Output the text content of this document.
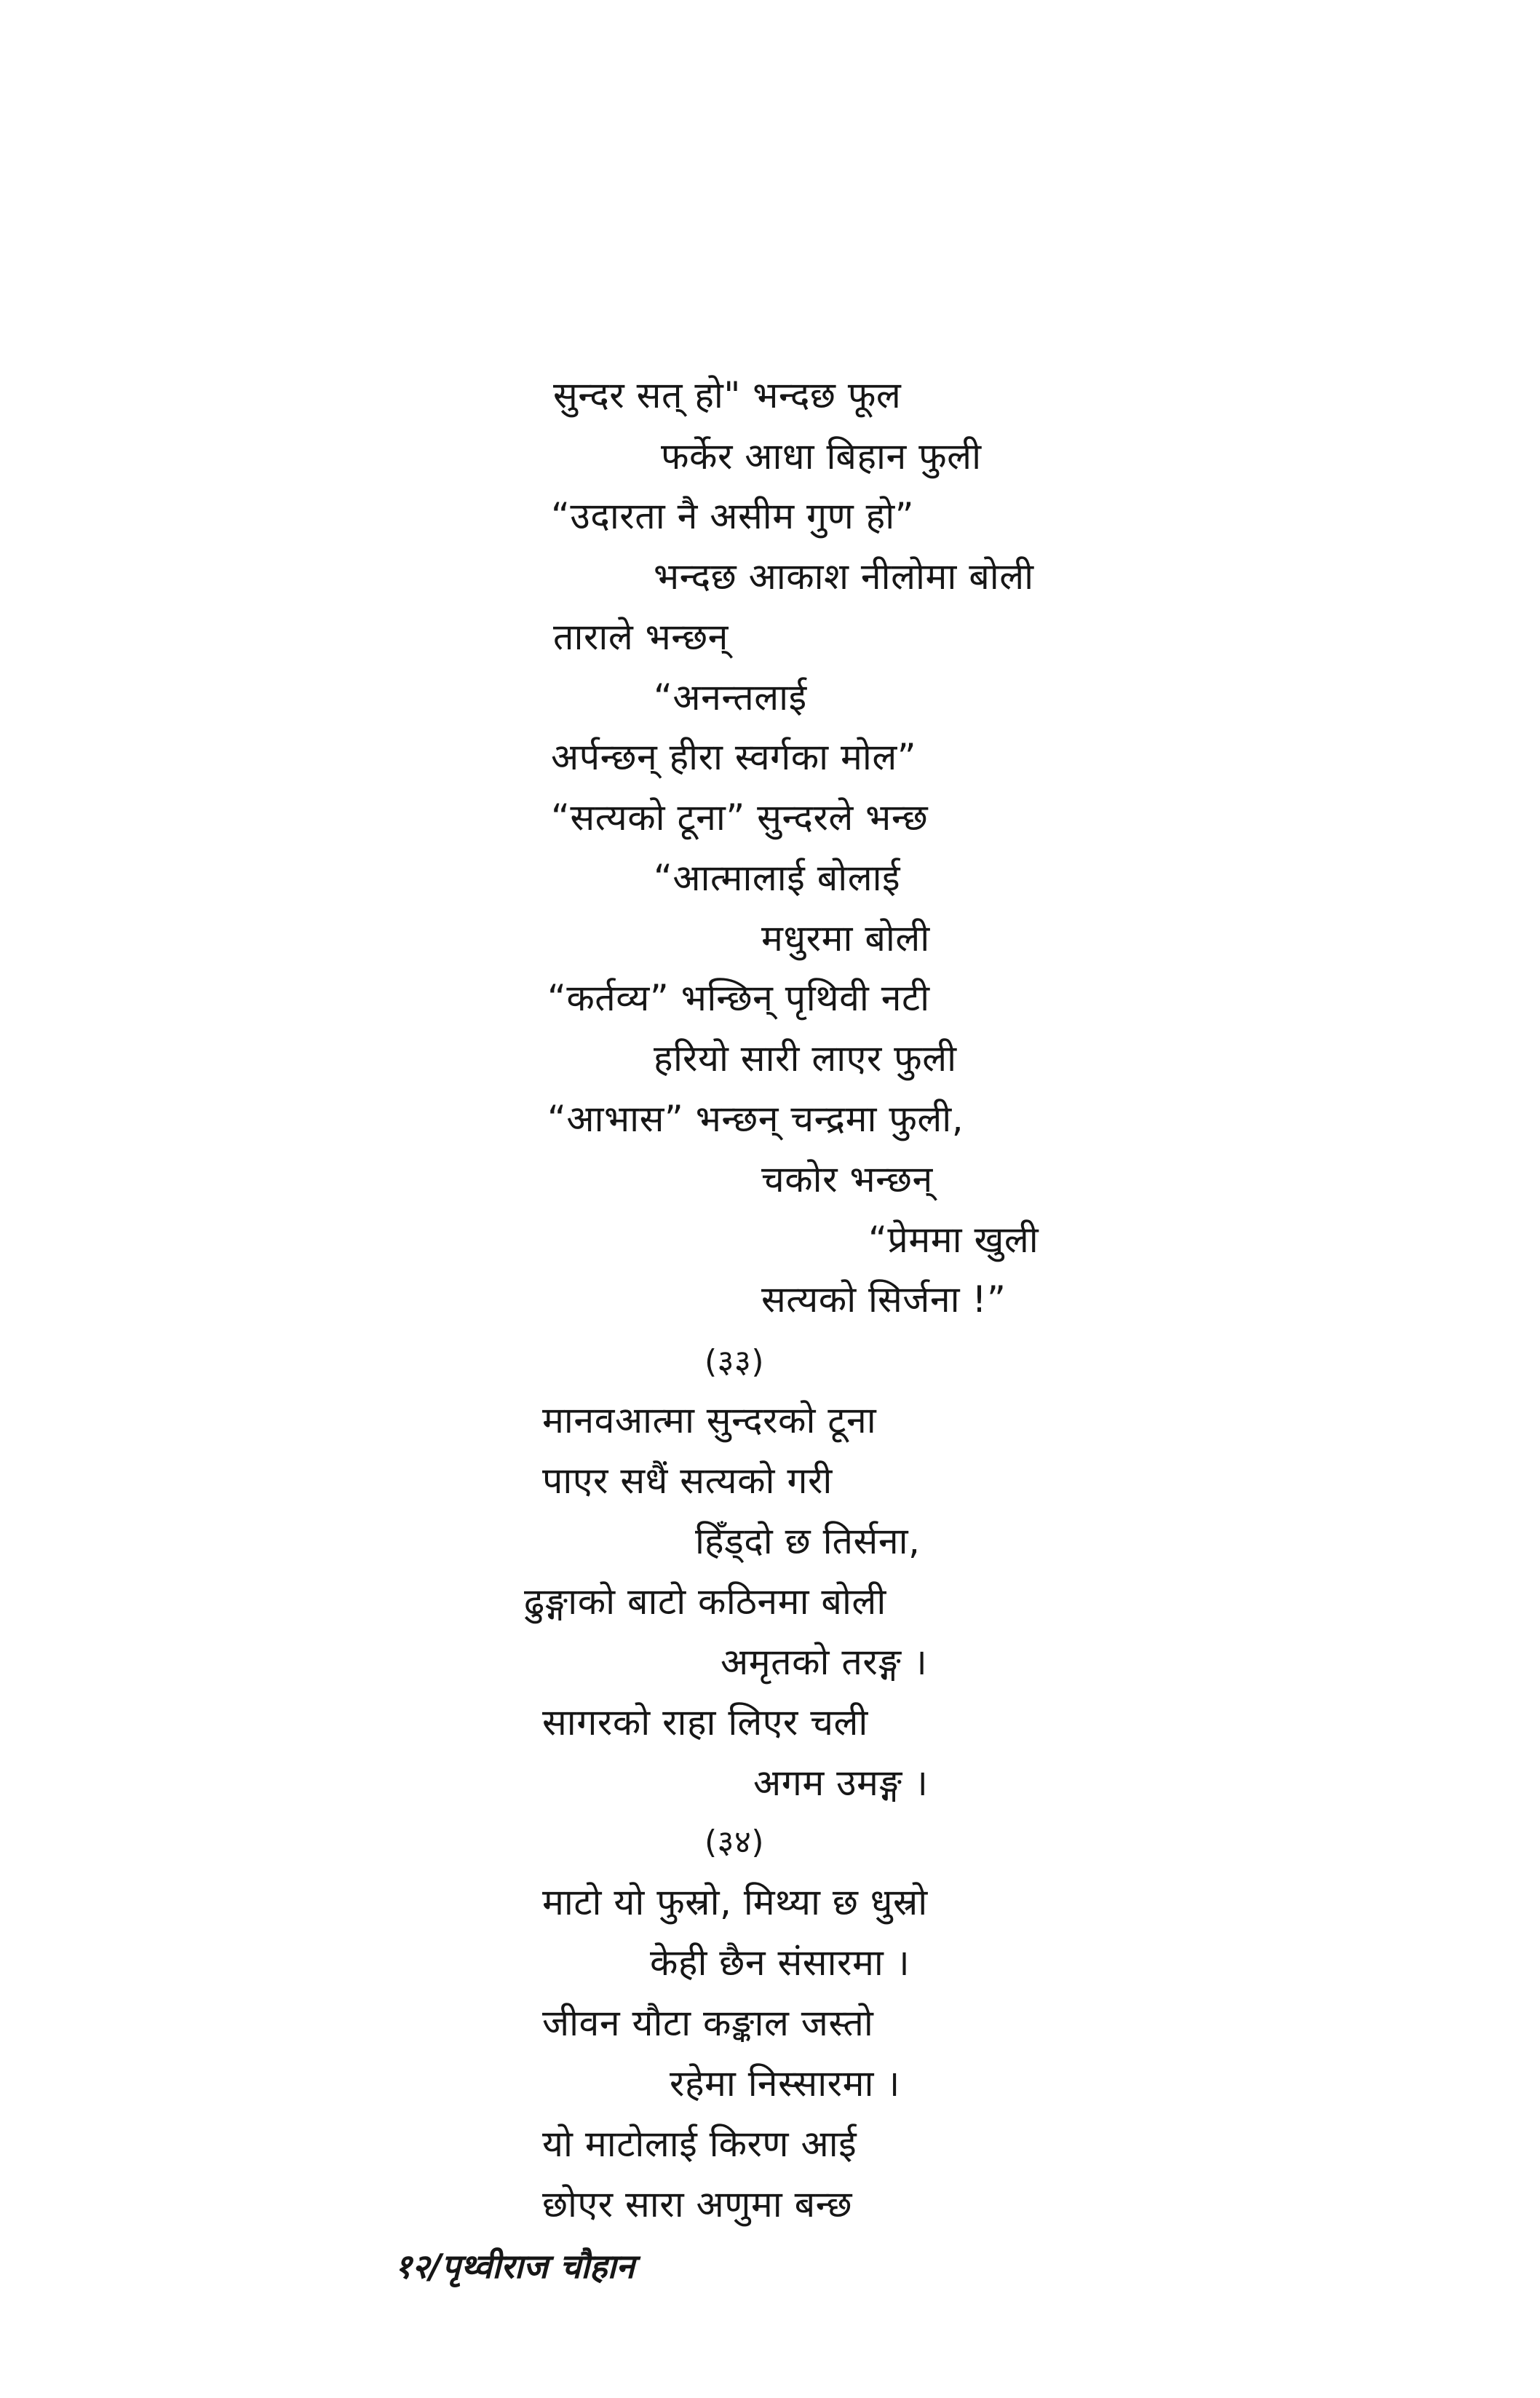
सुन्दर सत् हो" भन्दछ फूल
फर्केर आधा बिहान फुली
“उदारता नै असीम गुण हो”
भन्दछ आकाश नीलोमा बोली
ताराले भन्छन्
“अनन्तलाई
अर्पन्छन् हीरा स्वर्गका मोल”
“सत्यको टूना” सुन्दरले भन्छ
“आत्मालाई बोलाई
मधुरमा बोली
“कर्तव्य” भन्छिन् पृथिवी नटी
हरियो सारी लाएर फुली
“आभास” भन्छन् चन्द्रमा फुली,
चकोर भन्छन्
“प्रेममा खुली
सत्यको सिर्जना !”
(३३)
मानवआत्मा सुन्दरको टूना
पाएर सधैं सत्यको गरी
हिँड्दो छ तिर्सना,
ढुङ्गाको बाटो कठिनमा बोली
अमृतको तरङ्ग ।
सागरको राहा लिएर चली
अगम उमङ्ग ।
(३४)
माटो यो फुस्रो, मिथ्या छ धुस्रो
केही छैन संसारमा ।
जीवन यौटा कङ्काल जस्तो
रहेमा निस्सारमा ।
यो माटोलाई किरण आई
छोएर सारा अणुमा बन्छ
१२/पृथ्वीराज चौहान
